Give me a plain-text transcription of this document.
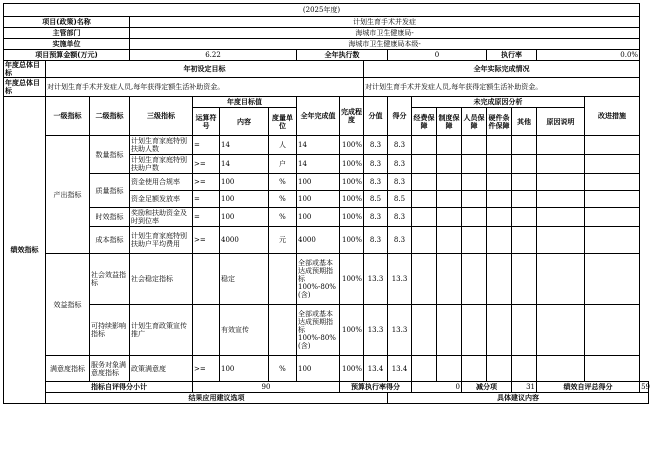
(2025年度)																		
项目(政策)名称			计划生育手术并发症															
主管部门			海城市卫生健康局-															
实施单位			海城市卫生健康局本级-															
项目预算金额(万元)			6.22				全年执行数			0				执行率		0.0%		
年度总体目标	年初设定目标								全年实际完成情况									
年度总体目标	对计划生育手术并发症人员,每年获得定额生活补助资金。								对计划生育手术并发症人员,每年获得定额生活补助资金。									
绩效指标	一级指标	二级指标	三级指标	年度目标值			全年完成值	完成程度	分值	得分	未完成原因分析						改进措施	
				运算符号	内容	度量单位					经费保障	制度保障	人员保障	硬件条件保障	其他	原因说明		
	产出指标	数量指标	计划生育家庭特别扶助人数	=	14	人	14	100%	8.3	8.3								
			计划生育家庭特别扶助户数	>=	14	户	14	100%	8.3	8.3								
		质量指标	资金使用合规率	>=	100	%	100	100%	8.3	8.3								
			资金足额发放率	=	100	%	100	100%	8.5	8.5								
		时效指标	奖励和扶助资金及时到位率	=	100	%	100	100%	8.3	8.3								
		成本指标	计划生育家庭特别扶助户平均费用	>=	4000	元	4000	100%	8.3	8.3								
	效益指标	社会效益指标	社会稳定指标		稳定		全部或基本达成预期指标100%-80%(含)	100%	13.3	13.3								
		可持续影响指标	计划生育政策宣传推广		有效宣传		全部或基本达成预期指标100%-80%(含)	100%	13.3	13.3								
	满意度指标	服务对象满意度指标	政策满意度	>=	100	%	100	100%	13.4	13.4								
	指标自评得分小计			90				预算执行率得分			0		减分项		31	绩效自评总得分		59
	结果应用建议选项									具体建议内容								
